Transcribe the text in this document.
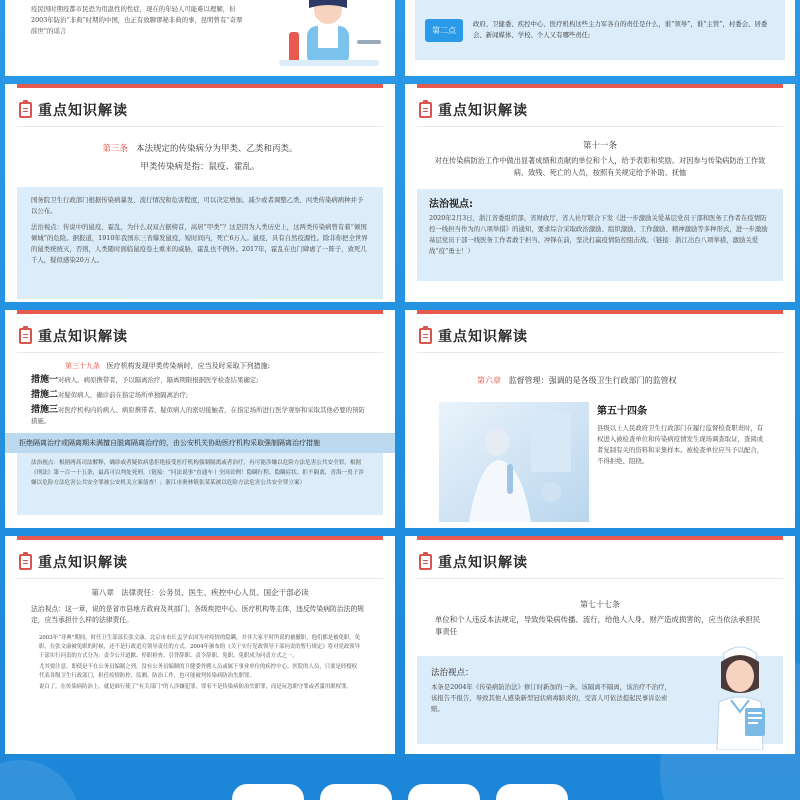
疫民国时期疫都市民恐为用温性的性症，现在的年轻人可能难以理解，但2003年防治“非典”时期的中国，也正有致聊谬秘非典的事，昆明曾有“奇翠薛世”的谣言	第二点
政府、卫健委、疾控中心、医疗机构这些主力军各自的责任是什么，谁“领导”，谁“主管”，村委会、居委会、新闻媒体、学校、个人又有哪些责任;
重点知识解读
第三条 本法规定的传染病分为甲类、乙类和丙类。
甲类传染病是指：鼠疫、霍乱。
国务院卫生行政部门根据传染病暴发、流行情况和危害程度，可以决定增加、减少或者调整乙类、丙类传染病病种并予以公布。
法治视点：传说中的鼠疫、霍乱，为什么双双占据榜首，高居“甲类”？这是因为人类历史上，这两类传染病曾有着“倾国倾城”的危险。据报道，1910年我国东三省爆发鼠疫，短时间内，死亡6万人。鼠疫，具有自然疫源性。除非你把全世界的鼠类统统灭，否则，人类随时面临鼠疫卷土重来的威胁，霍乱也不例外。2017年，霍乱在也门肆虐了一阵子，致死几千人，疑似感染20万人。
重点知识解读
第十一条
对在传染病防治工作中做出显著成绩和贡献的单位和个人，给予表彰和奖励。对因参与传染病防治工作致病、致残、死亡的人员，按照有关规定给予补助、抚恤
法治视点:
2020年2月3日，浙江省委组织部、省财政厅、省人社厅联合下发《进一步激励关爱基层党员干部和医务工作者在疫情防控一线担当作为的八项举措》的通知，要求综合采取政治激励、组织激励、工作激励、精神激励等多种形式，进一步激励基层党员干部一线医务工作者敢于担当、冲锋在前，坚决打赢疫情防控阻击战。（链接：浙江出台八项举措，激励关爱战“疫”勇士！）
重点知识解读
第三十九条 医疗机构发现甲类传染病时，应当及时采取下列措施:
措施一对病人、病原携带者，予以隔离治疗，隔离期限根据医学检查结果确定;
措施二对疑似病人，确诊前在指定场所单独隔离治疗;
措施三对医疗机构内的病人、病原携带者、疑似病人的密切接触者，在指定场所进行医学观察和采取其他必要的预防措施。
拒绝隔离治疗或隔离期未满擅自脱离隔离治疗的，由公安机关协助医疗机构采取强制隔离治疗措施
法治视点：根据两高司法解释，确诊或者疑似病患拒绝接受医疗机构强制隔离或者治疗，有可能涉嫌以危险方法危害公共安全罪，根据《刑法》第一百一十五条，最高可以判处死刑。（链接：“问法说事”直通车丨全国首例！隐瞒行程、隐瞒症状、拒不隔离，青海一男子涉嫌以危险方法危害公共安全罪被公安机关立案侦查！；浙江市奥林镇张某某被以危险方法危害公共安全罪立案）
重点知识解读
第六章 监督管理：强调的是各级卫生行政部门的监管权
第五十四条
县级以上人民政府卫生行政部门在履行监督检查职责时，有权进入被检查单位和传染病疫情发生现场调查取证，查阅或者复制有关的资料和采集样本。被检查单位应当予以配合，不得拒绝、阻挠。
重点知识解读
第八章 法律责任：公务员、医生、疾控中心人员、国企干部必读
法治视点：这一章，说的是省市县地方政府及其部门、各级疾控中心、医疗机构等主体，违反传染病防治法的规定，应当承担什么样的法律责任。
2003年“非典”期间，时任卫生部部长张文康、北京市市长孟学农因为对疫情的隐瞒，并非大家平时所说的被撤职，他们都是被免职。免职，在张文康被免职的时候，还不是行政追究领导责任的方式。2004年颁布的《关于实行党政领导干部问责的暂行规定》将对党政领导干部实行问责的方式分为：责令公开道歉、停职检查、引咎辞职、责令辞职、免职，免职成为问责方式之一。
尤其要注意，即使是不在公务员编制之列，没有公务员编制的卫健委外聘人员或属于事业单位的疾控中心、医院的人员，只要是经授权代表各级卫生行政部门，担任疫情防控、监测、防治工作，也可能被判传染病防治失职罪。
说白了，在传染病防治上，就是谁行使了“有关部门”的人涉嫌犯罪，罪名不是传染病防治失职罪，而是玩忽职守罪或者滥用职权罪。
重点知识解读
第七十七条
单位和个人违反本法规定，导致传染病传播、流行，给他人人身、财产造成损害的，应当依法承担民事责任
法治视点：
本条是2004年《传染病防治法》修订时新加的一条。该隔离不隔离，该治疗不治疗，该报告不报告，导致其他人感染新型冠状病毒肺炎的，受害人可依法提起民事诉讼索赔。
